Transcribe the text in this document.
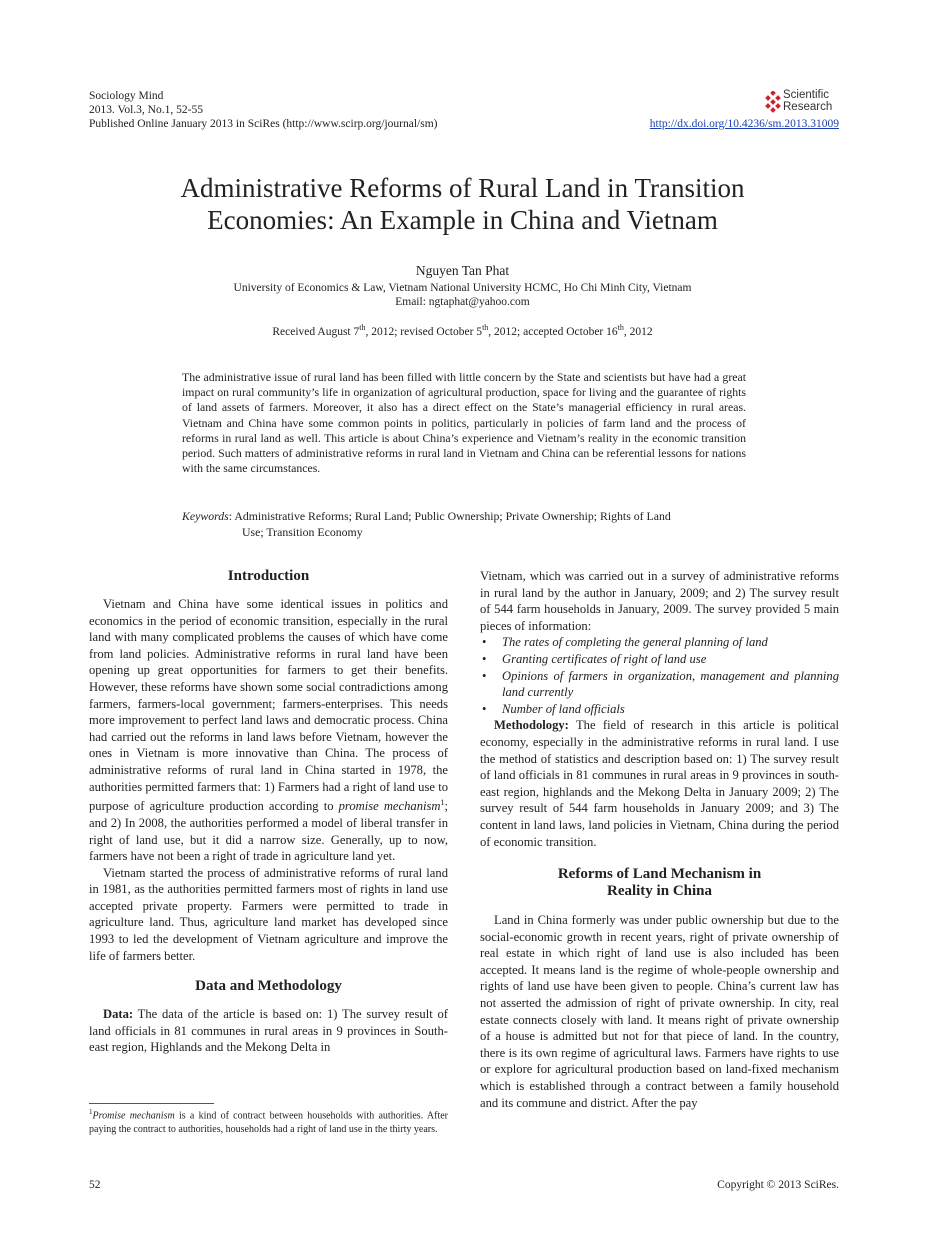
Sociology Mind
2013. Vol.3, No.1, 52-55
Published Online January 2013 in SciRes (http://www.scirp.org/journal/sm)
Scientific
Research
http://dx.doi.org/10.4236/sm.2013.31009
Administrative Reforms of Rural Land in Transition
Economies: An Example in China and Vietnam
Nguyen Tan Phat
University of Economics & Law, Vietnam National University HCMC, Ho Chi Minh City, Vietnam
Email: ngtaphat@yahoo.com
Received August 7th, 2012; revised October 5th, 2012; accepted October 16th, 2012
The administrative issue of rural land has been filled with little concern by the State and scientists but have had a great impact on rural community’s life in organization of agricultural production, space for living and the guarantee of rights of land assets of farmers. Moreover, it also has a direct effect on the State’s managerial efficiency in rural areas. Vietnam and China have some common points in politics, particularly in policies of farm land and the process of reforms in rural land as well. This article is about China’s experience and Vietnam’s reality in the economic transition period. Such matters of administrative reforms in rural land in Vietnam and China can be referential lessons for nations with the same circumstances.
Keywords: Administrative Reforms; Rural Land; Public Ownership; Private Ownership; Rights of Land
Use; Transition Economy
Introduction

Vietnam and China have some identical issues in politics and economics in the period of economic transition, especially in the rural land with many complicated problems the causes of which have come from land policies. Administrative reforms in rural land have been opening up great opportunities for farmers to get their benefits. However, these reforms have shown some social contradictions among farmers, farmers-local government; farmers-enterprises. This needs more improvement to perfect land laws and democratic process. China had carried out the reforms in land laws before Vietnam, however the ones in Vietnam is more innovative than China. The process of administrative reforms of rural land in China started in 1978, the authorities permitted farmers that: 1) Farmers had a right of land use to purpose of agriculture production according to promise mechanism$^1$; and 2) In 2008, the authorities performed a model of liberal transfer in right of land use, but it did a narrow size. Generally, up to now, farmers have not been a right of trade in agriculture land yet.

Vietnam started the process of administrative reforms of rural land in 1981, as the authorities permitted farmers most of rights in land use accepted private property. Farmers were permitted to trade in agriculture land. Thus, agriculture land market has developed since 1993 to led the development of Vietnam agriculture and improve the life of farmers better.

Data and Methodology

Data: The data of the article is based on: 1) The survey result of land officials in 81 communes in rural areas in 9 provinces in South-east region, Highlands and the Mekong Delta in

$^1$Promise mechanism is a kind of contract between households with authorities. After paying the contract to authorities, households had a right of land use in the thirty years.

Vietnam, which was carried out in a survey of administrative reforms in rural land by the author in January, 2009; and 2) The survey result of 544 farm households in January, 2009. The survey provided 5 main pieces of information:

• The rates of completing the general planning of land
• Granting certificates of right of land use
• Opinions of farmers in organization, management and planning land currently
• Number of land officials

Methodology: The field of research in this article is political economy, especially in the administrative reforms in rural land. I use the method of statistics and description based on: 1) The survey result of land officials in 81 communes in rural areas in 9 provinces in south-east region, highlands and the Mekong Delta in January 2009; 2) The survey result of 544 farm households in January 2009; and 3) The content in land laws, land policies in Vietnam, China during the period of economic transition.

Reforms of Land Mechanism in
Reality in China

Land in China formerly was under public ownership but due to the social-economic growth in recent years, right of private ownership of real estate in which right of land use is also included has been accepted. It means land is the regime of whole-people ownership and rights of land use have been given to people. China’s current law has not asserted the admission of right of private ownership. In city, real estate connects closely with land. It means right of private ownership of a house is admitted but not for that piece of land. In the country, there is its own regime of agricultural laws. Farmers have rights to use or explore for agricultural production based on land-fixed mechanism which is established through a contract between a family household and its commune and district. After the pay

52	Copyright © 2013 SciRes.
